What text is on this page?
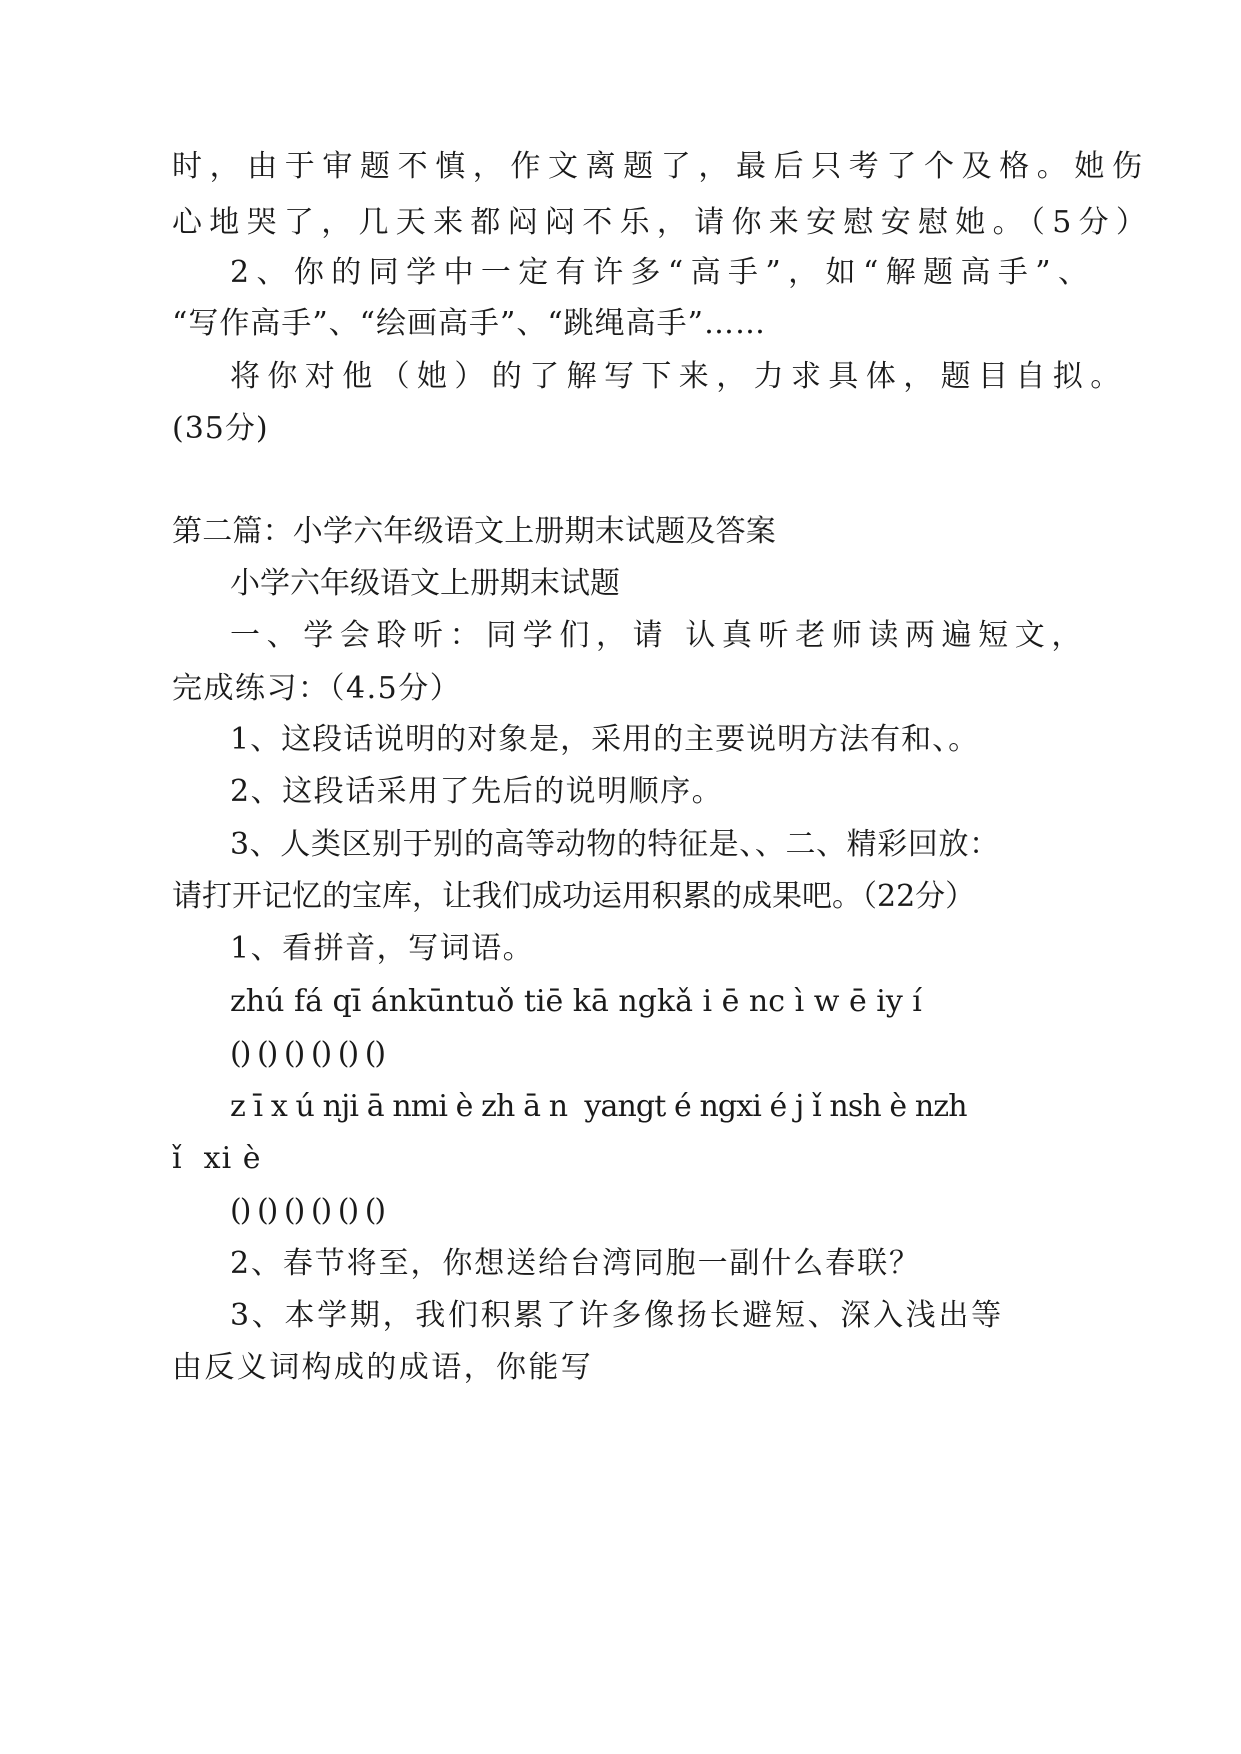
时，由于审题不慎，作文离题了，最后只考了个及格。她伤

心地哭了，几天来都闷闷不乐，请你来安慰安慰她。（5分）

2、你的同学中一定有许多“高手”，如“解题高手”、

“写作高手”、“绘画高手”、“跳绳高手”……

将你对他（她）的了解写下来，力求具体，题目自拟。

(35分)

第二篇：小学六年级语文上册期末试题及答案

小学六年级语文上册期末试题

一、学会聆听：同学们，请 认真听老师读两遍短文，

完成练习：（4.5分）

1、这段话说明的对象是，采用的主要说明方法有和、。

2、这段话采用了先后的说明顺序。

3、人类区别于别的高等动物的特征是、、二、精彩回放：

请打开记忆的宝库，让我们成功运用积累的成果吧。（22分）

1、看拼音，写词语。

zhú fá qī ánkūntuǒ tiē kā ngkǎ i ē nc ì w ē iy í

() () () () () ()

z ī x ú nji ā nmi è zh ā n  yangt é ngxi é j ǐ nsh è nzh

ǐ  xi è

() () () () () ()

2、春节将至，你想送给台湾同胞一副什么春联？

3、本学期，我们积累了许多像扬长避短、深入浅出等

由反义词构成的成语，你能写
